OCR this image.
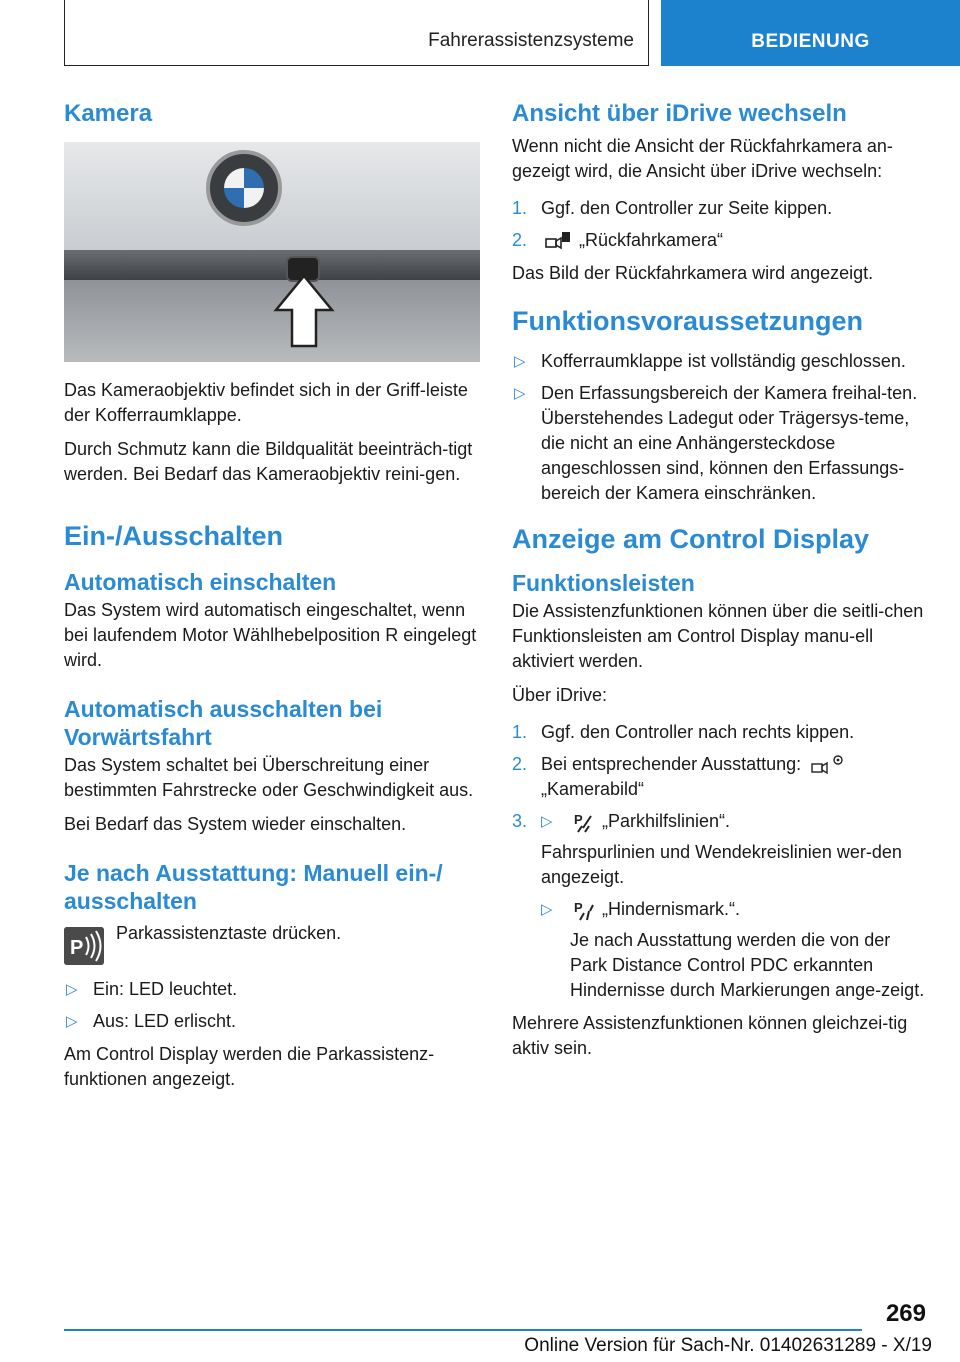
Fahrerassistenzsysteme	BEDIENUNG
Kamera

Das Kameraobjektiv befindet sich in der Griff-leiste der Kofferraumklappe.

Durch Schmutz kann die Bildqualität beeinträch-tigt werden. Bei Bedarf das Kameraobjektiv reini-gen.

Ein-/Ausschalten
Automatisch einschalten

Das System wird automatisch eingeschaltet, wenn bei laufendem Motor Wählhebelposition R eingelegt wird.

Automatisch ausschalten bei Vorwärtsfahrt

Das System schaltet bei Überschreitung einer bestimmten Fahrstrecke oder Geschwindigkeit aus.

Bei Bedarf das System wieder einschalten.

Je nach Ausstattung: Manuell ein-/ ausschalten
P
Parkassistenztaste drücken.
▷ Ein: LED leuchtet.
▷ Aus: LED erlischt.

Am Control Display werden die Parkassistenz-funktionen angezeigt.

Ansicht über iDrive wechseln

Wenn nicht die Ansicht der Rückfahrkamera an-gezeigt wird, die Ansicht über iDrive wechseln:

1. Ggf. den Controller zur Seite kippen.
2.	„Rückfahrkamera“

Das Bild der Rückfahrkamera wird angezeigt.

Funktionsvoraussetzungen
▷ Kofferraumklappe ist vollständig geschlossen.
▷ Den Erfassungsbereich der Kamera freihal-ten. Überstehendes Ladegut oder Trägersys-teme, die nicht an eine Anhängersteckdose angeschlossen sind, können den Erfassungs-bereich der Kamera einschränken.
Anzeige am Control Display
Funktionsleisten

Die Assistenzfunktionen können über die seitli-chen Funktionsleisten am Control Display manu-ell aktiviert werden.

Über iDrive:

1. Ggf. den Controller nach rechts kippen.
2. Bei entsprechender Ausstattung:
„Kamerabild“
3. ▷ P „Parkhilfslinien“.
Fahrspurlinien und Wendekreislinien wer-den angezeigt.
▷ P „Hindernismark.“.
Je nach Ausstattung werden die von der Park Distance Control PDC erkannten Hindernisse durch Markierungen ange-zeigt.

Mehrere Assistenzfunktionen können gleichzei-tig aktiv sein.

269
Online Version für Sach-Nr. 01402631289 - X/19
